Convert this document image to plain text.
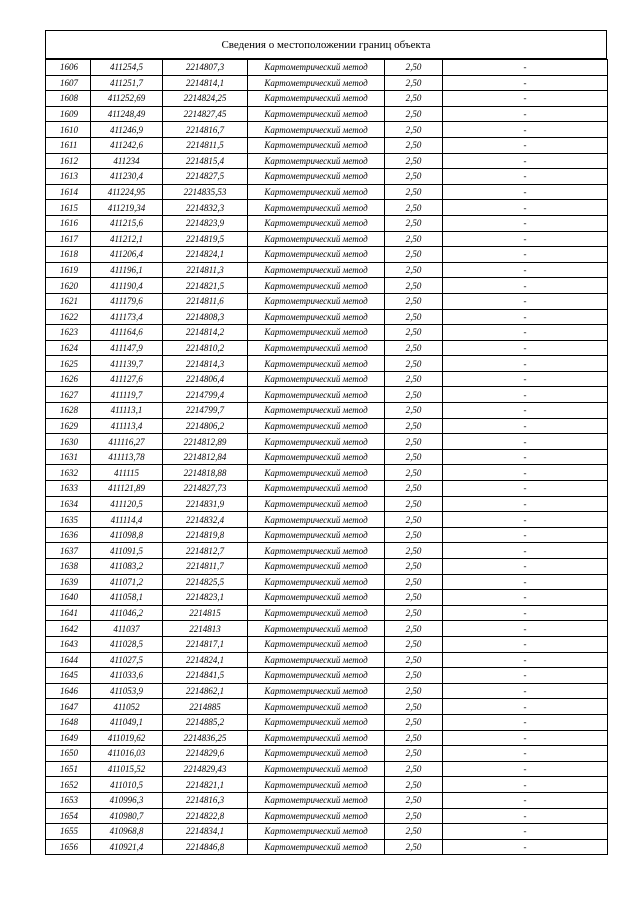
Сведения о местоположении границ объекта
1606	411254,5	2214807,3	Картометрический метод	2,50	-
1607	411251,7	2214814,1	Картометрический метод	2,50	-
1608	411252,69	2214824,25	Картометрический метод	2,50	-
1609	411248,49	2214827,45	Картометрический метод	2,50	-
1610	411246,9	2214816,7	Картометрический метод	2,50	-
1611	411242,6	2214811,5	Картометрический метод	2,50	-
1612	411234	2214815,4	Картометрический метод	2,50	-
1613	411230,4	2214827,5	Картометрический метод	2,50	-
1614	411224,95	2214835,53	Картометрический метод	2,50	-
1615	411219,34	2214832,3	Картометрический метод	2,50	-
1616	411215,6	2214823,9	Картометрический метод	2,50	-
1617	411212,1	2214819,5	Картометрический метод	2,50	-
1618	411206,4	2214824,1	Картометрический метод	2,50	-
1619	411196,1	2214811,3	Картометрический метод	2,50	-
1620	411190,4	2214821,5	Картометрический метод	2,50	-
1621	411179,6	2214811,6	Картометрический метод	2,50	-
1622	411173,4	2214808,3	Картометрический метод	2,50	-
1623	411164,6	2214814,2	Картометрический метод	2,50	-
1624	411147,9	2214810,2	Картометрический метод	2,50	-
1625	411139,7	2214814,3	Картометрический метод	2,50	-
1626	411127,6	2214806,4	Картометрический метод	2,50	-
1627	411119,7	2214799,4	Картометрический метод	2,50	-
1628	411113,1	2214799,7	Картометрический метод	2,50	-
1629	411113,4	2214806,2	Картометрический метод	2,50	-
1630	411116,27	2214812,89	Картометрический метод	2,50	-
1631	411113,78	2214812,84	Картометрический метод	2,50	-
1632	411115	2214818,88	Картометрический метод	2,50	-
1633	411121,89	2214827,73	Картометрический метод	2,50	-
1634	411120,5	2214831,9	Картометрический метод	2,50	-
1635	411114,4	2214832,4	Картометрический метод	2,50	-
1636	411098,8	2214819,8	Картометрический метод	2,50	-
1637	411091,5	2214812,7	Картометрический метод	2,50	-
1638	411083,2	2214811,7	Картометрический метод	2,50	-
1639	411071,2	2214825,5	Картометрический метод	2,50	-
1640	411058,1	2214823,1	Картометрический метод	2,50	-
1641	411046,2	2214815	Картометрический метод	2,50	-
1642	411037	2214813	Картометрический метод	2,50	-
1643	411028,5	2214817,1	Картометрический метод	2,50	-
1644	411027,5	2214824,1	Картометрический метод	2,50	-
1645	411033,6	2214841,5	Картометрический метод	2,50	-
1646	411053,9	2214862,1	Картометрический метод	2,50	-
1647	411052	2214885	Картометрический метод	2,50	-
1648	411049,1	2214885,2	Картометрический метод	2,50	-
1649	411019,62	2214836,25	Картометрический метод	2,50	-
1650	411016,03	2214829,6	Картометрический метод	2,50	-
1651	411015,52	2214829,43	Картометрический метод	2,50	-
1652	411010,5	2214821,1	Картометрический метод	2,50	-
1653	410996,3	2214816,3	Картометрический метод	2,50	-
1654	410980,7	2214822,8	Картометрический метод	2,50	-
1655	410968,8	2214834,1	Картометрический метод	2,50	-
1656	410921,4	2214846,8	Картометрический метод	2,50	-
